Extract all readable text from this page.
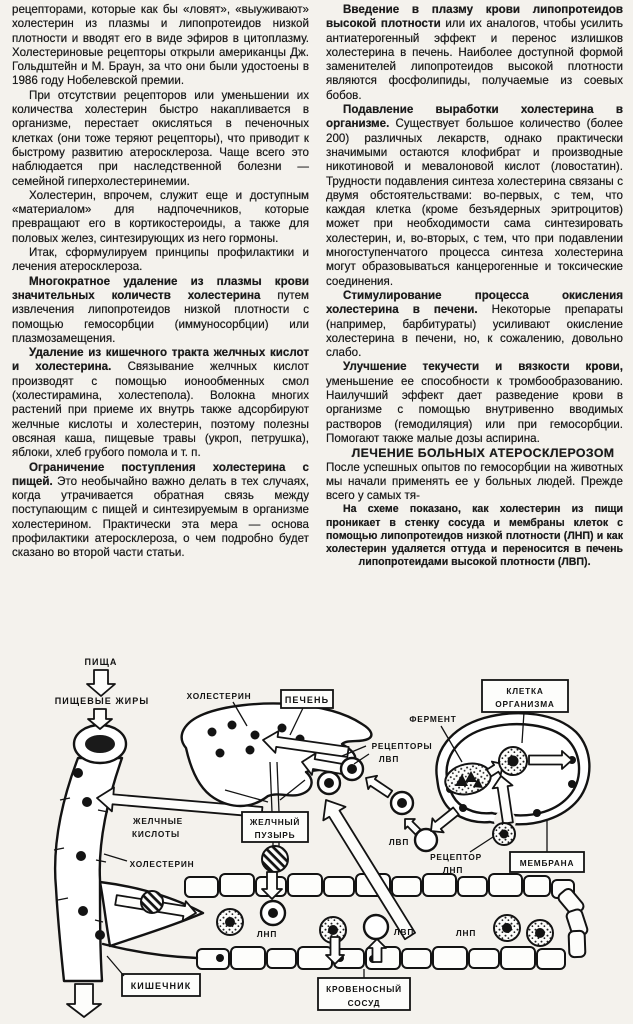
рецепторами, которые как бы «ловят», «выуживают» холестерин из плазмы и липопротеидов низкой плотности и вводят его в виде эфиров в цитоплазму. Холестериновые рецепторы открыли американцы Дж. Гольдштейн и М. Браун, за что они были удостоены в 1986 году Нобелевской премии.

При отсутствии рецепторов или уменьшении их количества холестерин быстро накапливается в организме, перестает окисляться в печеночных клетках (они тоже теряют рецепторы), что приводит к быстрому развитию атеросклероза. Чаще всего это наблюдается при наследственной болезни — семейной гиперхолестеринемии.

Холестерин, впрочем, служит еще и доступным «материалом» для надпочечников, которые превращают его в кортикостероиды, а также для половых желез, синтезирующих из него гормоны.

Итак, сформулируем принципы профилактики и лечения атеросклероза.

Многократное удаление из плазмы крови значительных количеств холестерина путем извлечения липопротеидов низкой плотности с помощью гемосорбции (иммуносорбции) или плазмозамещения.

Удаление из кишечного тракта желчных кислот и холестерина. Связывание желчных кислот производят с помощью ионообменных смол (холестирамина, холестепола). Волокна многих растений при приеме их внутрь также адсорбируют желчные кислоты и холестерин, поэтому полезны овсяная каша, пищевые травы (укроп, петрушка), яблоки, хлеб грубого помола и т. п.

Ограничение поступления холестерина с пищей. Это необычайно важно делать в тех случаях, когда утрачивается обратная связь между поступающим с пищей и синтезируемым в организме холестерином. Практически эта мера — основа профилактики атеросклероза, о чем подробно будет сказано во второй части статьи.

Введение в плазму крови липопротеидов высокой плотности или их аналогов, чтобы усилить антиатерогенный эффект и перенос излишков холестерина в печень. Наиболее доступной формой заменителей липопротеидов высокой плотности являются фосфолипиды, получаемые из соевых бобов.

Подавление выработки холестерина в организме. Существует большое количество (более 200) различных лекарств, однако практически значимыми остаются клофибрат и производные никотиновой и мевалоновой кислот (ловостатин). Трудности подавления синтеза холестерина связаны с двумя обстоятельствами: во-первых, с тем, что каждая клетка (кроме безъядерных эритроцитов) может при необходимости сама синтезировать холестерин, и, во-вторых, с тем, что при подавлении многоступенчатого процесса синтеза холестерина могут образовываться канцерогенные и токсические соединения.

Стимулирование процесса окисления холестерина в печени. Некоторые препараты (например, барбитураты) усиливают окисление холестерина в печени, но, к сожалению, довольно слабо.

Улучшение текучести и вязкости крови, уменьшение ее способности к тромбообразованию. Наилучший эффект дает разведение крови в организме с помощью внутривенно вводимых растворов (гемодиляция) или при гемосорбции. Помогают также малые дозы аспирина.

ЛЕЧЕНИЕ БОЛЬНЫХ АТЕРОСКЛЕРОЗОМ

После успешных опытов по гемосорбции на животных мы начали применять ее у больных людей. Прежде всего у самых тя-

На схеме показано, как холестерин из пищи проникает в стенку сосуда и мембраны клеток с помощью липопротеидов низкой плотности (ЛНП) и как холестерин удаляется оттуда и переносится в печень липопротеидами высокой плотности (ЛВП).

ЛНП	ЛВП	ЛНП
ПИЩА
ПИЩЕВЫЕ ЖИРЫ
КИШЕЧНИК
ХОЛЕСТЕРИН
ЖЕЛЧНЫЕ
КИСЛОТЫ
ХОЛЕСТЕРИН	ПЕЧЕНЬ
ЖЕЛЧНЫЙ
ПУЗЫРЬ
ЛВП
РЕЦЕПТОРЫ
ЛВП
КЛЕТКА
ОРГАНИЗМА
ФЕРМЕНТ
РЕЦЕПТОР
ЛНП
МЕМБРАНА
КРОВЕНОСНЫЙ
СОСУД
